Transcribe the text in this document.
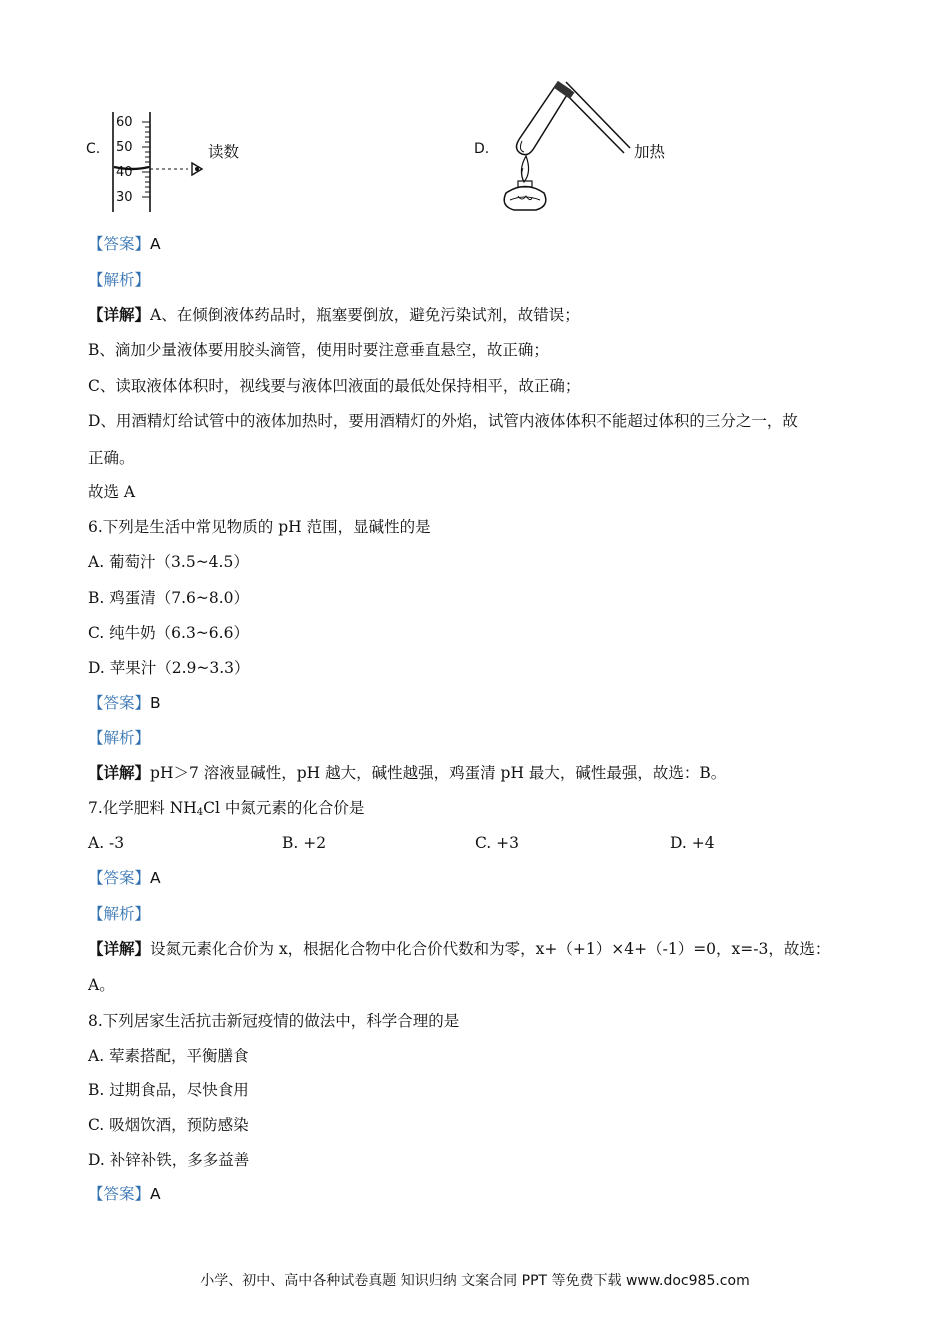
C.
60
50
40
30
读数	D.	加热
【答案】A
【解析】
【详解】A、在倾倒液体药品时，瓶塞要倒放，避免污染试剂，故错误；
B、滴加少量液体要用胶头滴管，使用时要注意垂直悬空，故正确；
C、读取液体体积时，视线要与液体凹液面的最低处保持相平，故正确；
D、用酒精灯给试管中的液体加热时，要用酒精灯的外焰，试管内液体体积不能超过体积的三分之一，故
正确。
故选 A
6.下列是生活中常见物质的 pH 范围，显碱性的是
A. 葡萄汁（3.5~4.5）
B. 鸡蛋清（7.6~8.0）
C. 纯牛奶（6.3~6.6）
D. 苹果汁（2.9~3.3）
【答案】B
【解析】
【详解】pH＞7 溶液显碱性，pH 越大，碱性越强，鸡蛋清 pH 最大，碱性最强，故选：B。
7.化学肥料 $NH_4Cl$ 中氮元素的化合价是
A. -3	B. +2	C. +3	D. +4
【答案】A
【解析】
【详解】设氮元素化合价为 x，根据化合物中化合价代数和为零，x+（+1）×4+（-1）=0，x=-3，故选：
A。
8.下列居家生活抗击新冠疫情的做法中，科学合理的是
A. 荤素搭配，平衡膳食
B. 过期食品，尽快食用
C. 吸烟饮酒，预防感染
D. 补锌补铁，多多益善
【答案】A
小学、初中、高中各种试卷真题 知识归纳 文案合同 PPT 等免费下载 www.doc985.com
